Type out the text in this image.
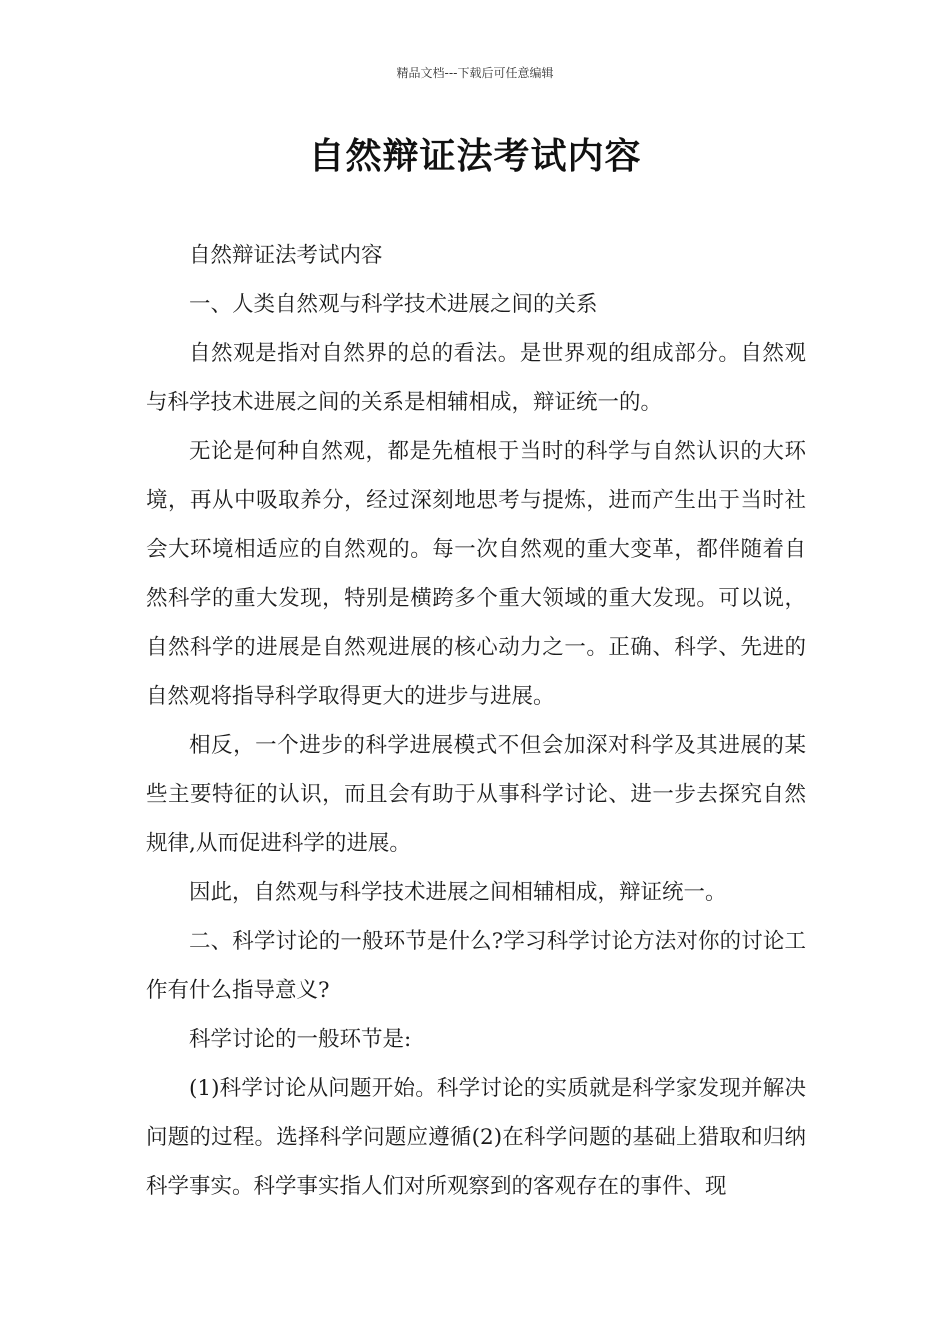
精品文档---下载后可任意编辑
自然辩证法考试内容

自然辩证法考试内容

一、人类自然观与科学技术进展之间的关系

自然观是指对自然界的总的看法。是世界观的组成部分。自然观与科学技术进展之间的关系是相辅相成，辩证统一的。

无论是何种自然观，都是先植根于当时的科学与自然认识的大环境，再从中吸取养分，经过深刻地思考与提炼，进而产生出于当时社会大环境相适应的自然观的。每一次自然观的重大变革，都伴随着自然科学的重大发现，特别是横跨多个重大领域的重大发现。可以说，自然科学的进展是自然观进展的核心动力之一。正确、科学、先进的自然观将指导科学取得更大的进步与进展。

相反，一个进步的科学进展模式不但会加深对科学及其进展的某些主要特征的认识，而且会有助于从事科学讨论、进一步去探究自然规律,从而促进科学的进展。

因此，自然观与科学技术进展之间相辅相成，辩证统一。

二、科学讨论的一般环节是什么?学习科学讨论方法对你的讨论工作有什么指导意义?

科学讨论的一般环节是:

(1)科学讨论从问题开始。科学讨论的实质就是科学家发现并解决问题的过程。选择科学问题应遵循(2)在科学问题的基础上猎取和归纳科学事实。科学事实指人们对所观察到的客观存在的事件、现
